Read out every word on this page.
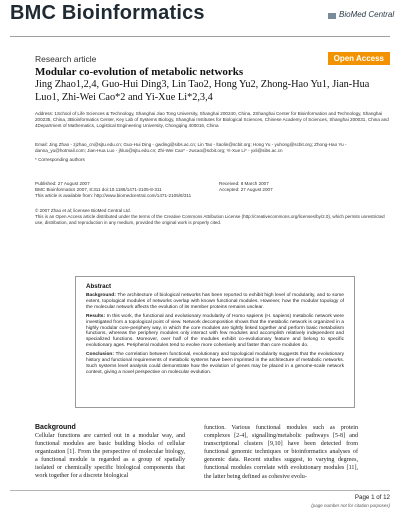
BMC Bioinformatics	BioMed Central
Research article	Open Access
Modular co-evolution of metabolic networks
Jing Zhao1,2,4, Guo-Hui Ding3, Lin Tao2, Hong Yu2, Zhong-Hao Yu1, Jian-Hua Luo1, Zhi-Wei Cao*2 and Yi-Xue Li*2,3,4

Address: 1School of Life Sciences & Technology, Shanghai Jiao Tong University, Shanghai 200240, China, 2Shanghai Center for Bioinformation and Technology, Shanghai 200235, China, 3Bioinformatics Center, Key Lab of Systems Biology, Shanghai Institutes for Biological Sciences, Chinese Academy of Sciences, Shanghai 200031, China and 4Department of Mathematics, Logistical Engineering University, Chongqing 400016, China

Email: Jing Zhao - zjzhao_cn@sjtu.edu.cn; Guo-Hui Ding - gwding@sibs.ac.cn; Lin Tao - ltaolin@scbit.org; Hong Yu - yuhong@scbit.org; Zhong-Hao Yu - danna_yu@hotmail.com; Jian-Hua Luo - jhluo@sjtu.edu.cn; Zhi-Wei Cao* - zwcao@scbit.org; Yi-Xue Li* - yxli@sibs.ac.cn

* Corresponding authors

Published: 27 August 2007
BMC Bioinformatics 2007, 8:311 doi:10.1186/1471-2105-8-311
This article is available from: http://www.biomedcentral.com/1471-2105/8/311
Received: 8 March 2007
Accepted: 27 August 2007
© 2007 Zhao et al; licensee BioMed Central Ltd.
This is an Open Access article distributed under the terms of the Creative Commons Attribution License (http://creativecommons.org/licenses/by/2.0), which permits unrestricted use, distribution, and reproduction in any medium, provided the original work is properly cited.
Abstract

Background: The architecture of biological networks has been reported to exhibit high level of modularity, and to some extent, topological modules of networks overlap with known functional modules. However, how the modular topology of the molecular network affects the evolution of its member proteins remains unclear.

Results: In this work, the functional and evolutionary modularity of Homo sapiens (H. sapiens) metabolic network were investigated from a topological point of view. Network decomposition shows that the metabolic network is organized in a highly modular core-periphery way, in which the core modules are tightly linked together and perform basic metabolism functions, whereas the periphery modules only interact with few modules and accomplish relatively independent and specialized functions. Moreover, over half of the modules exhibit co-evolutionary feature and belong to specific evolutionary ages. Peripheral modules tend to evolve more cohesively and faster than core modules do.

Conclusion: The correlation between functional, evolutionary and topological modularity suggests that the evolutionary history and functional requirements of metabolic systems have been imprinted in the architecture of metabolic networks. Such systems level analysis could demonstrate how the evolution of genes may be placed in a genome-scale network context, giving a novel perspective on molecular evolution.

Background
Cellular functions are carried out in a modular way, and functional modules are basic building blocks of cellular organization [1]. From the perspective of molecular biology, a functional module is regarded as a group of spatially isolated or chemically specific biological components that work together for a discrete biological
function. Various functional modules such as protein complexes [2-4], signalling/metabolic pathways [5-8] and transcriptional clusters [9,10] have been detected from functional genomic techniques or bioinformatics analyses of genomic data. Recent studies suggest, to varying degrees, functional modules correlate with evolutionary modules [11], the latter being defined as cohesive evolu-
Page 1 of 12
(page number not for citation purposes)
